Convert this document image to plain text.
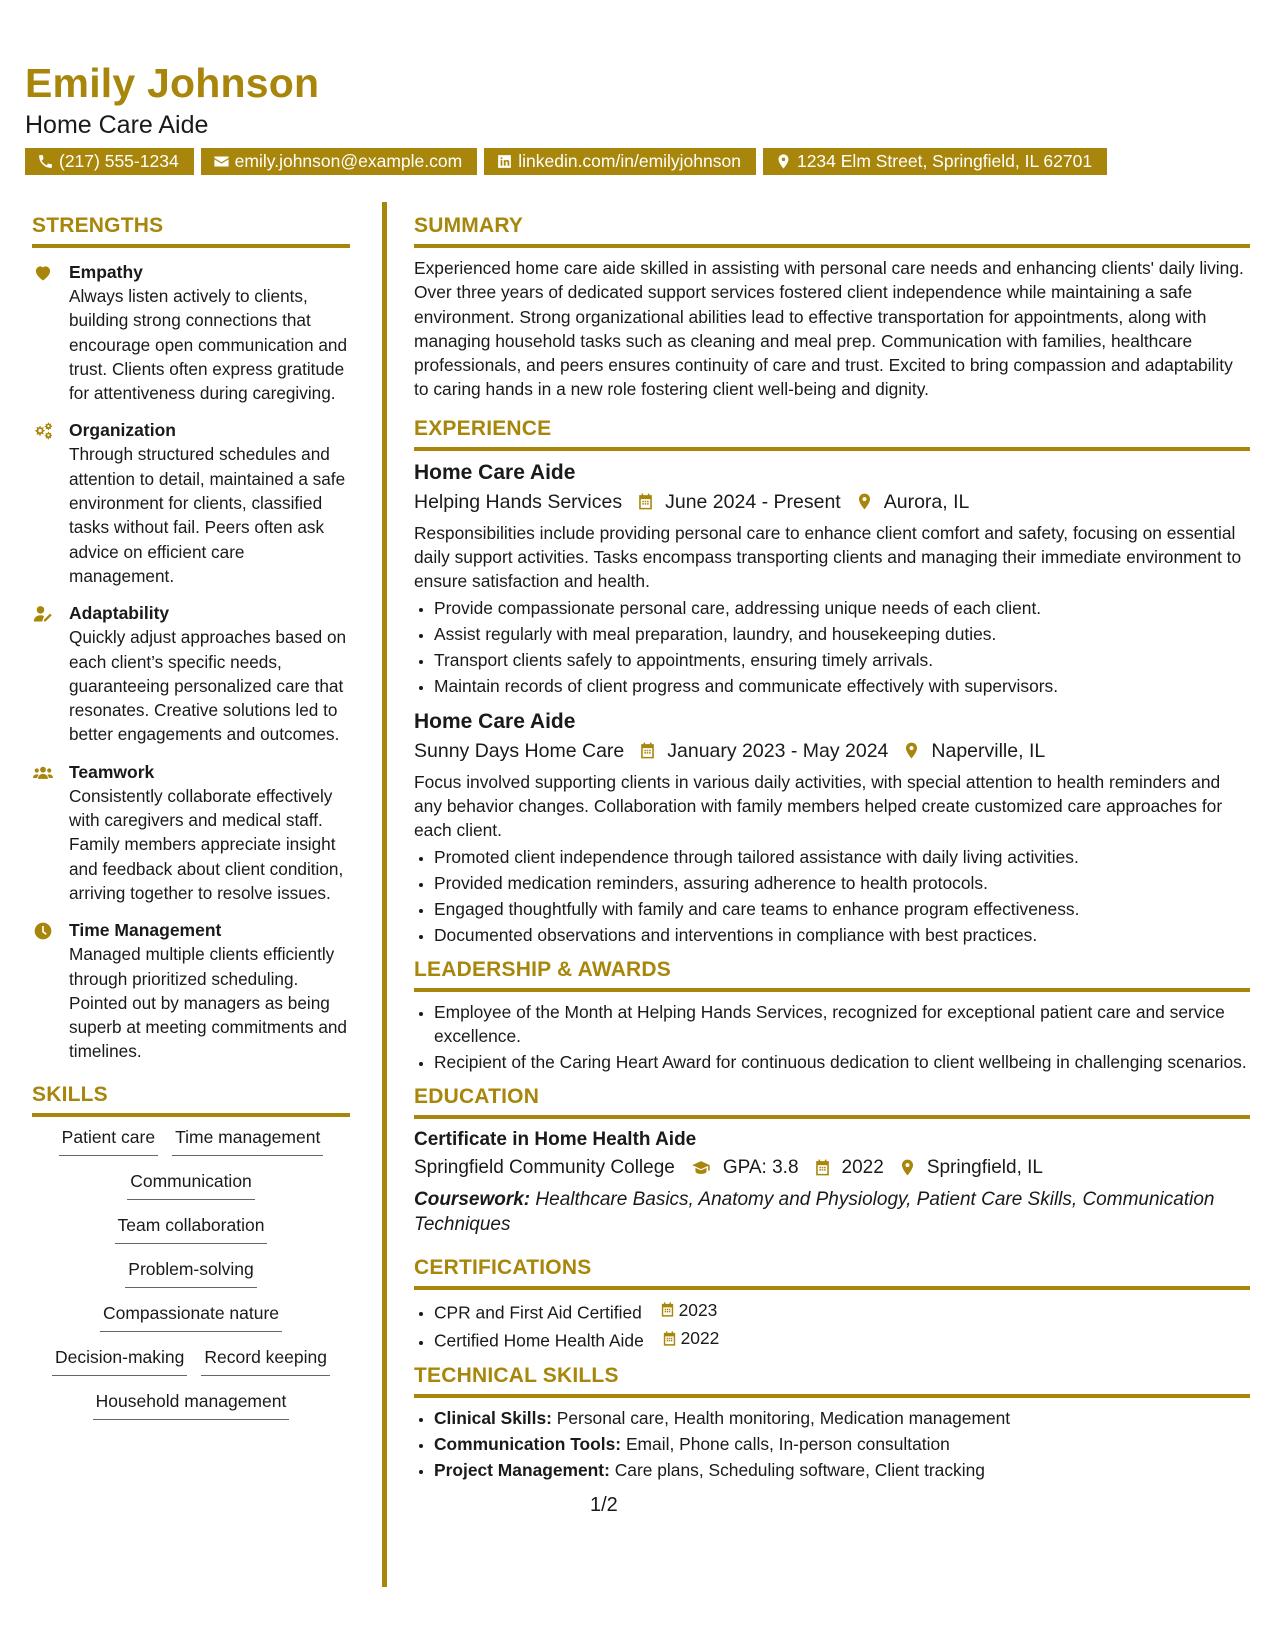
Emily Johnson
Home Care Aide
(217) 555-1234	emily.johnson@example.com	linkedin.com/in/emilyjohnson	1234 Elm Street, Springfield, IL 62701
STRENGTHS
Empathy
Always listen actively to clients, building strong connections that encourage open communication and trust. Clients often express gratitude for attentiveness during caregiving.
Organization
Through structured schedules and attention to detail, maintained a safe environment for clients, classified tasks without fail. Peers often ask advice on efficient care management.
Adaptability
Quickly adjust approaches based on each client’s specific needs, guaranteeing personalized care that resonates. Creative solutions led to better engagements and outcomes.
Teamwork
Consistently collaborate effectively with caregivers and medical staff. Family members appreciate insight and feedback about client condition, arriving together to resolve issues.
Time Management
Managed multiple clients efficiently through prioritized scheduling. Pointed out by managers as being superb at meeting commitments and timelines.
SKILLS
Patient care Time management
Communication
Team collaboration
Problem-solving
Compassionate nature
Decision-making Record keeping
Household management
SUMMARY
Experienced home care aide skilled in assisting with personal care needs and enhancing clients' daily living. Over three years of dedicated support services fostered client independence while maintaining a safe environment. Strong organizational abilities lead to effective transportation for appointments, along with managing household tasks such as cleaning and meal prep. Communication with families, healthcare professionals, and peers ensures continuity of care and trust. Excited to bring compassion and adaptability to caring hands in a new role fostering client well-being and dignity.
EXPERIENCE
Home Care Aide
Helping Hands Services June 2024 - Present Aurora, IL
Responsibilities include providing personal care to enhance client comfort and safety, focusing on essential daily support activities. Tasks encompass transporting clients and managing their immediate environment to ensure satisfaction and health.
• Provide compassionate personal care, addressing unique needs of each client.
• Assist regularly with meal preparation, laundry, and housekeeping duties.
• Transport clients safely to appointments, ensuring timely arrivals.
• Maintain records of client progress and communicate effectively with supervisors.
Home Care Aide
Sunny Days Home Care January 2023 - May 2024 Naperville, IL
Focus involved supporting clients in various daily activities, with special attention to health reminders and any behavior changes. Collaboration with family members helped create customized care approaches for each client.
• Promoted client independence through tailored assistance with daily living activities.
• Provided medication reminders, assuring adherence to health protocols.
• Engaged thoughtfully with family and care teams to enhance program effectiveness.
• Documented observations and interventions in compliance with best practices.
LEADERSHIP & AWARDS
• Employee of the Month at Helping Hands Services, recognized for exceptional patient care and service excellence.
• Recipient of the Caring Heart Award for continuous dedication to client wellbeing in challenging scenarios.
EDUCATION
Certificate in Home Health Aide
Springfield Community College	GPA: 3.8 2022 Springfield, IL
Coursework: Healthcare Basics, Anatomy and Physiology, Patient Care Skills, Communication Techniques
CERTIFICATIONS
• CPR and First Aid Certified 2023
• Certified Home Health Aide 2022
TECHNICAL SKILLS
• Clinical Skills: Personal care, Health monitoring, Medication management
• Communication Tools: Email, Phone calls, In-person consultation
• Project Management: Care plans, Scheduling software, Client tracking
1/2
